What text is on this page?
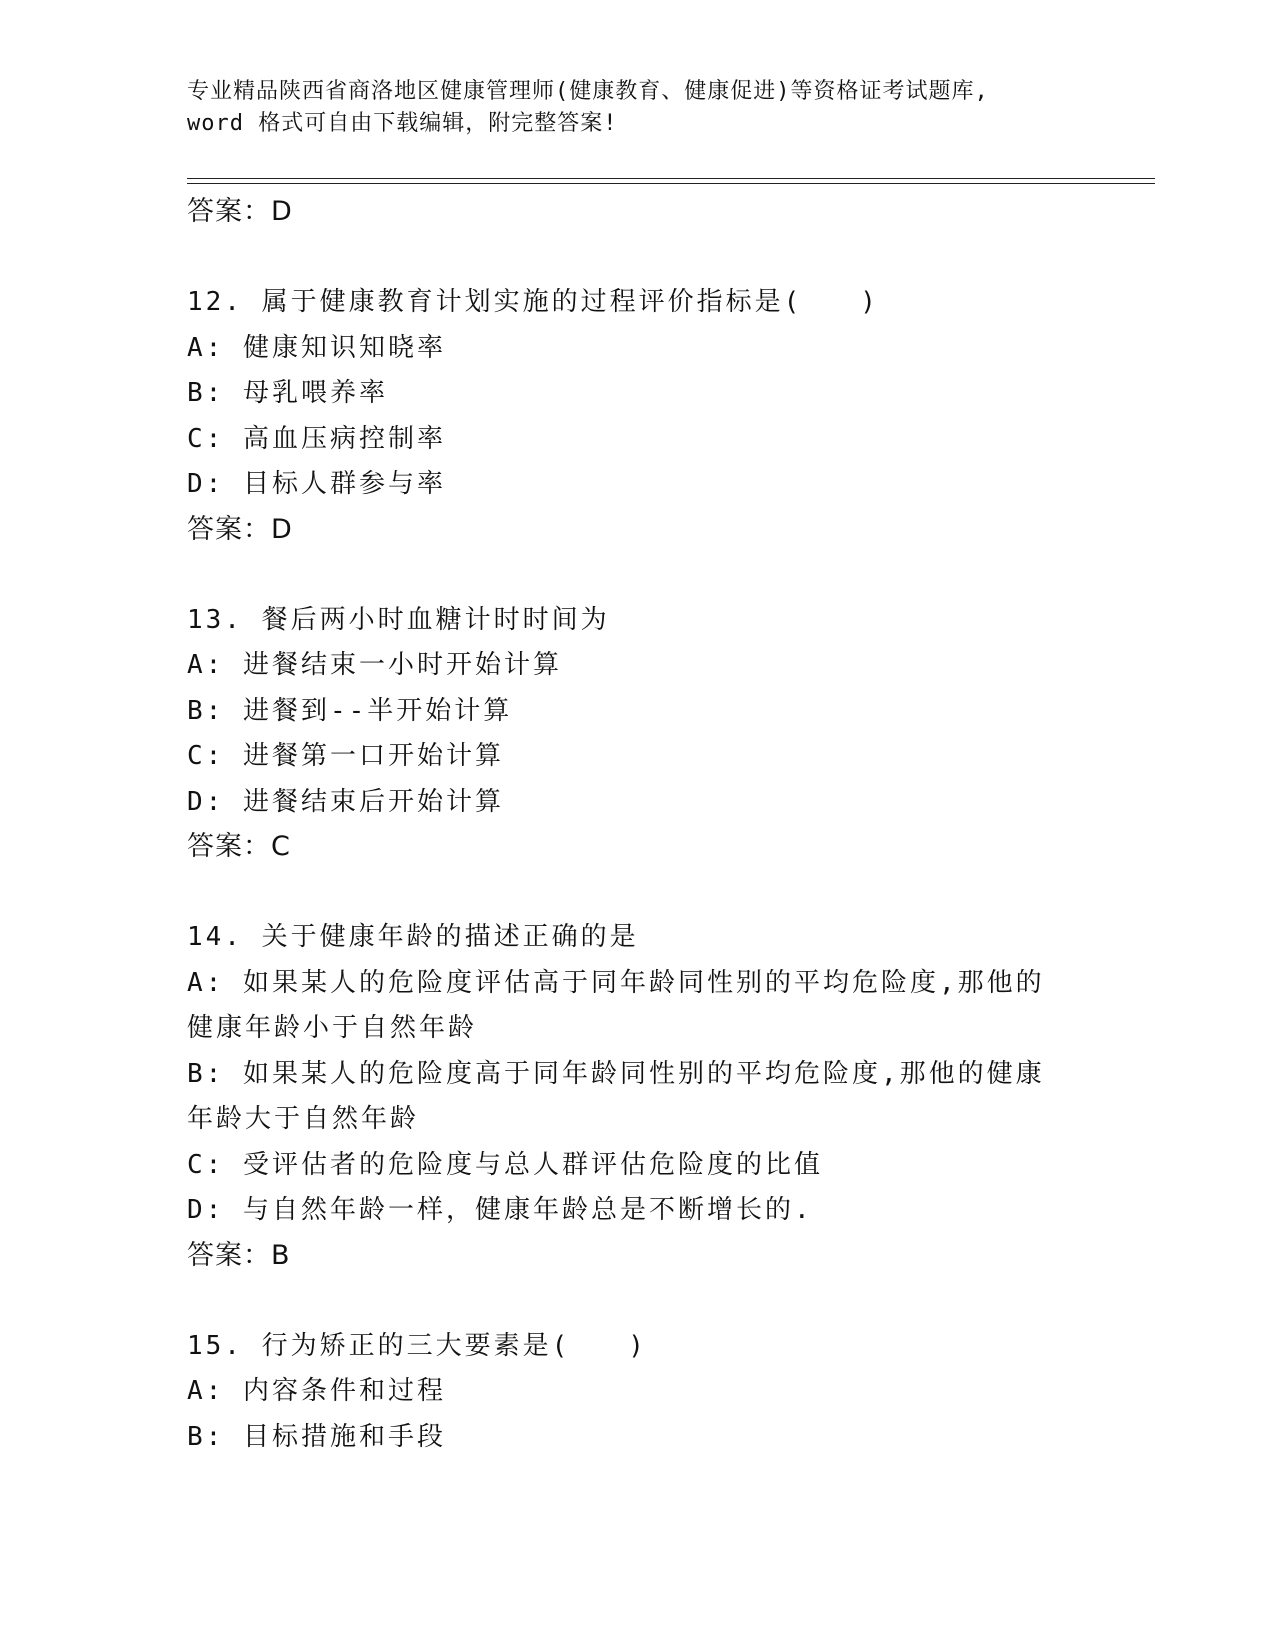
专业精品陕西省商洛地区健康管理师(健康教育、健康促进)等资格证考试题库,
word 格式可自由下载编辑，附完整答案!
答案：D
12. 属于健康教育计划实施的过程评价指标是(　　)
A: 健康知识知晓率
B: 母乳喂养率
C: 高血压病控制率
D: 目标人群参与率
答案：D
13. 餐后两小时血糖计时时间为
A: 进餐结束一小时开始计算
B: 进餐到--半开始计算
C: 进餐第一口开始计算
D: 进餐结束后开始计算
答案：C
14. 关于健康年龄的描述正确的是
A: 如果某人的危险度评估高于同年龄同性别的平均危险度,那他的健康年龄小于自然年龄
B: 如果某人的危险度高于同年龄同性别的平均危险度,那他的健康年龄大于自然年龄
C: 受评估者的危险度与总人群评估危险度的比值
D: 与自然年龄一样，健康年龄总是不断增长的.
答案：B
15. 行为矫正的三大要素是(　　)
A: 内容条件和过程
B: 目标措施和手段
